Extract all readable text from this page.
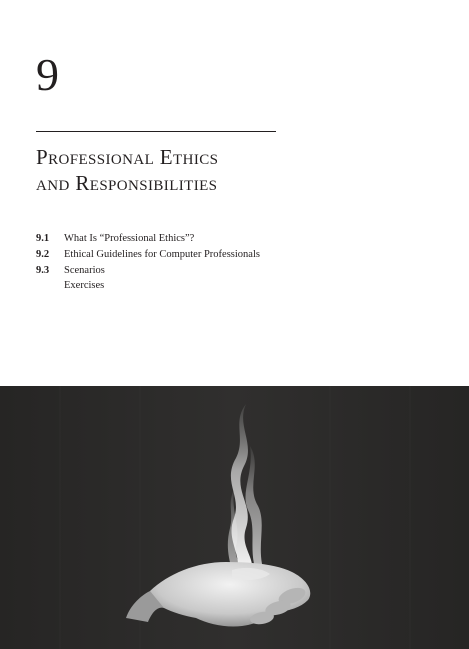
9
Professional Ethics
and Responsibilities
9.1 What Is “Professional Ethics”?
9.2 Ethical Guidelines for Computer Professionals
9.3 Scenarios
Exercises
